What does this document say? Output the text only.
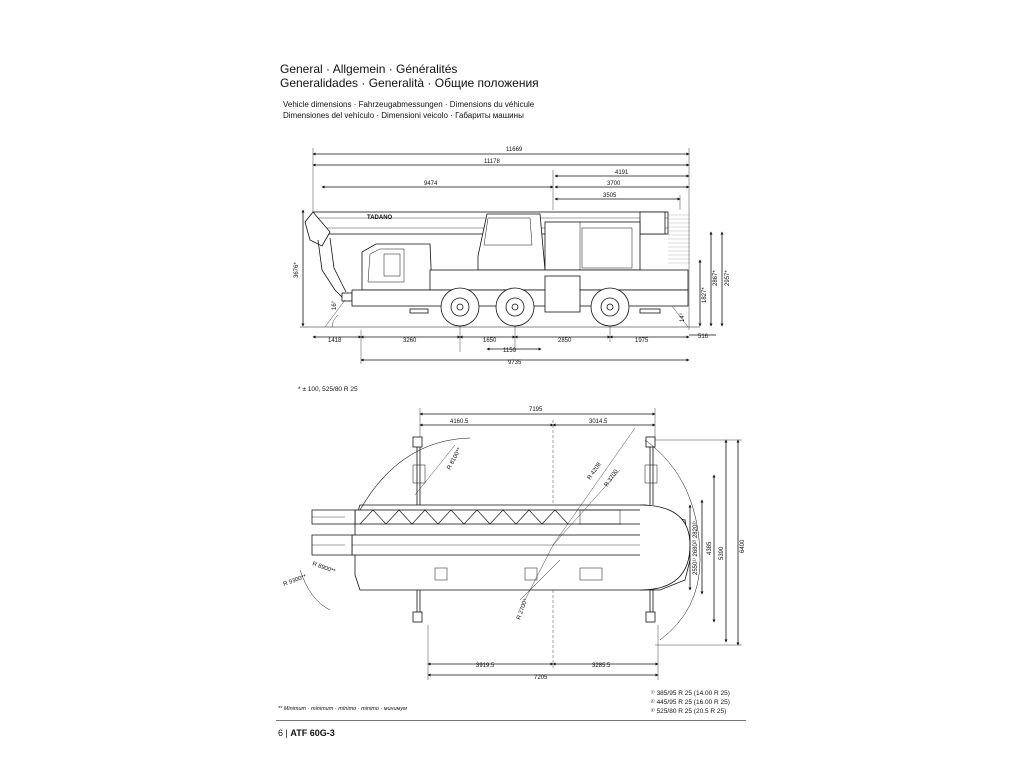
General · Allgemein · Généralités
Generalidades · Generalità · Общие положения
Vehicle dimensions · Fahrzeugabmessungen · Dimensions du véhicule
Dimensiones del vehículo · Dimensioni veicolo · Габариты машины
11669
11178
9474
4191
3700
3505
TADANO
3676*
16°
14°
1827*
2867* 2957*
1418	3260	1650	2850	1975
516
1150
9735
7195
4160.5	3014.5
R 8100**
R 4208 R 3700
R 8900**
R 9300**
R 2700*
2550¹⁾ 2680²⁾ 2820³⁾ 4385 5390
6400
3919.5	3285.5
7205
* ± 100, 525/80 R 25
** Minimum · minimum · mínimo · minimo · минимум
¹⁾ 385/95 R 25 (14.00 R 25)
²⁾ 445/95 R 25 (16.00 R 25)
³⁾ 525/80 R 25 (20.5 R 25)
6 | ATF 60G-3
